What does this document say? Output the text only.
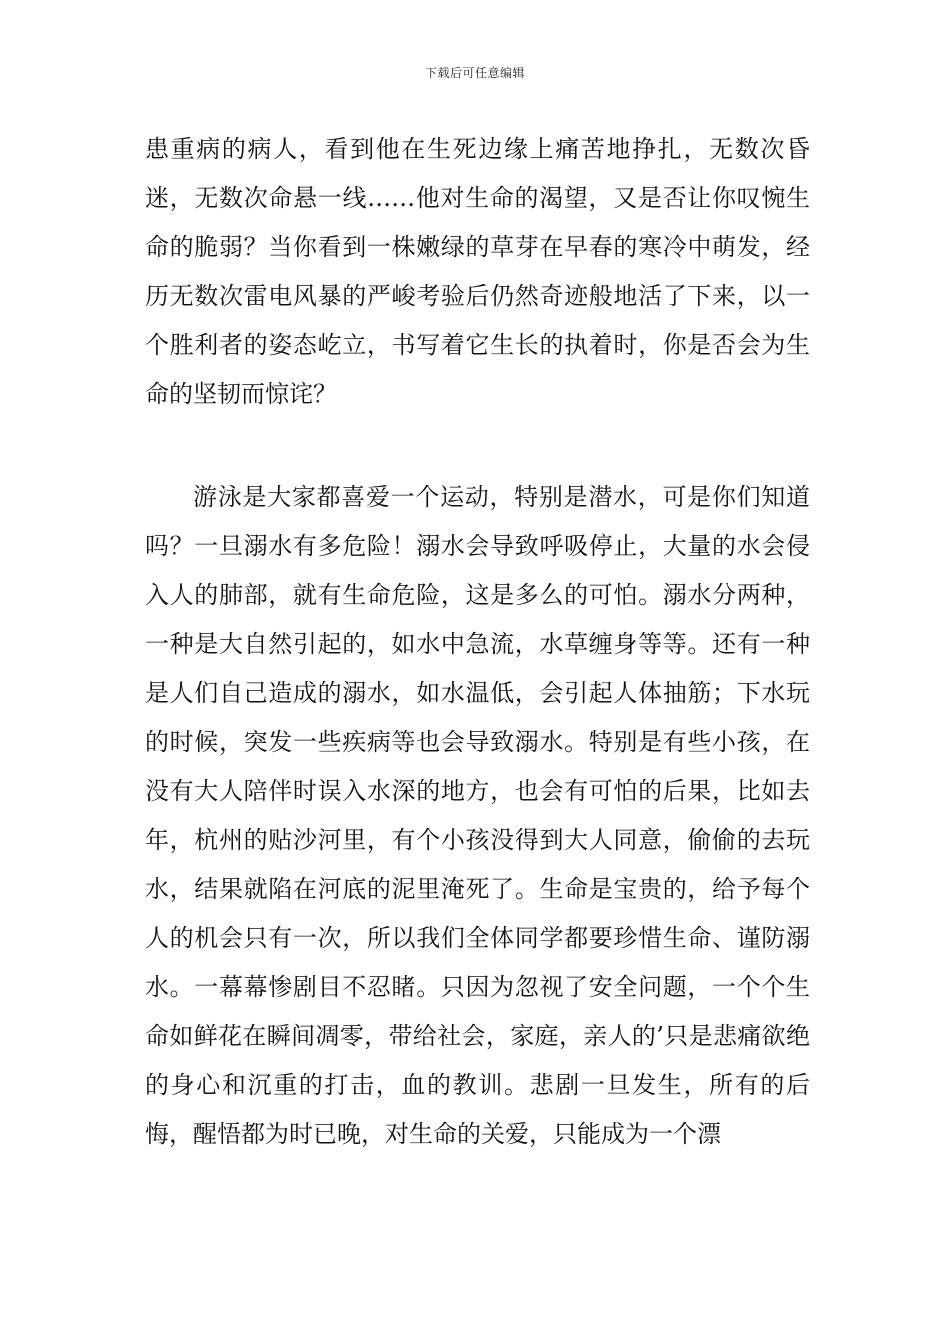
下载后可任意编辑

患重病的病人，看到他在生死边缘上痛苦地挣扎，无数次昏迷，无数次命悬一线……他对生命的渴望，又是否让你叹惋生命的脆弱？当你看到一株嫩绿的草芽在早春的寒冷中萌发，经历无数次雷电风暴的严峻考验后仍然奇迹般地活了下来，以一个胜利者的姿态屹立，书写着它生长的执着时，你是否会为生命的坚韧而惊诧？

游泳是大家都喜爱一个运动，特别是潜水，可是你们知道吗？一旦溺水有多危险！溺水会导致呼吸停止，大量的水会侵入人的肺部，就有生命危险，这是多么的可怕。溺水分两种，一种是大自然引起的，如水中急流，水草缠身等等。还有一种是人们自己造成的溺水，如水温低，会引起人体抽筋；下水玩的时候，突发一些疾病等也会导致溺水。特别是有些小孩，在没有大人陪伴时误入水深的地方，也会有可怕的后果，比如去年，杭州的贴沙河里，有个小孩没得到大人同意，偷偷的去玩水，结果就陷在河底的泥里淹死了。生命是宝贵的，给予每个人的机会只有一次，所以我们全体同学都要珍惜生命、谨防溺水。一幕幕惨剧目不忍睹。只因为忽视了安全问题，一个个生命如鲜花在瞬间凋零，带给社会，家庭，亲人的’只是悲痛欲绝的身心和沉重的打击，血的教训。悲剧一旦发生，所有的后悔，醒悟都为时已晚，对生命的关爱，只能成为一个漂
